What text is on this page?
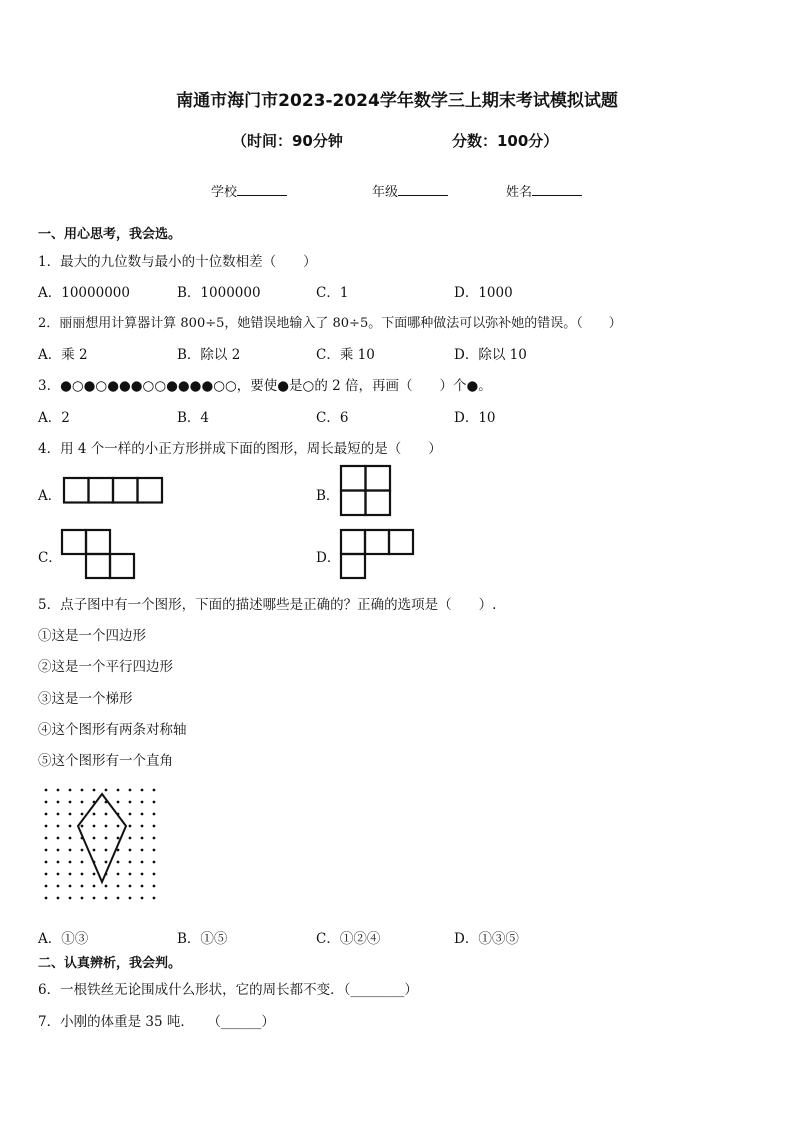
南通市海门市2023-2024学年数学三上期末考试模拟试题
（时间：90分钟	分数：100分）
学校	年级	姓名
一、用心思考，我会选。
1．最大的九位数与最小的十位数相差（　　）
A．10000000	B．1000000	C．1	D．1000
2．丽丽想用计算器计算 800÷5，她错误地输入了 80÷5。下面哪种做法可以弥补她的错误。（　　）
A．乘 2	B．除以 2	C．乘 10	D．除以 10
3．●○●○●●●○○●●●●○○，要使●是○的 2 倍，再画（　　）个●。
A．2	B．4	C．6	D．10
4．用 4 个一样的小正方形拼成下面的图形，周长最短的是（　　）
A．	B．
C．	D．
5．点子图中有一个图形，下面的描述哪些是正确的？正确的选项是（　　）.
①这是一个四边形
②这是一个平行四边形
③这是一个梯形
④这个图形有两条对称轴
⑤这个图形有一个直角
A．①③	B．①⑤	C．①②④	D．①③⑤
二、认真辨析，我会判。
6．一根铁丝无论围成什么形状，它的周长都不变．（________）
7．小刚的体重是 35 吨．　　（______）
